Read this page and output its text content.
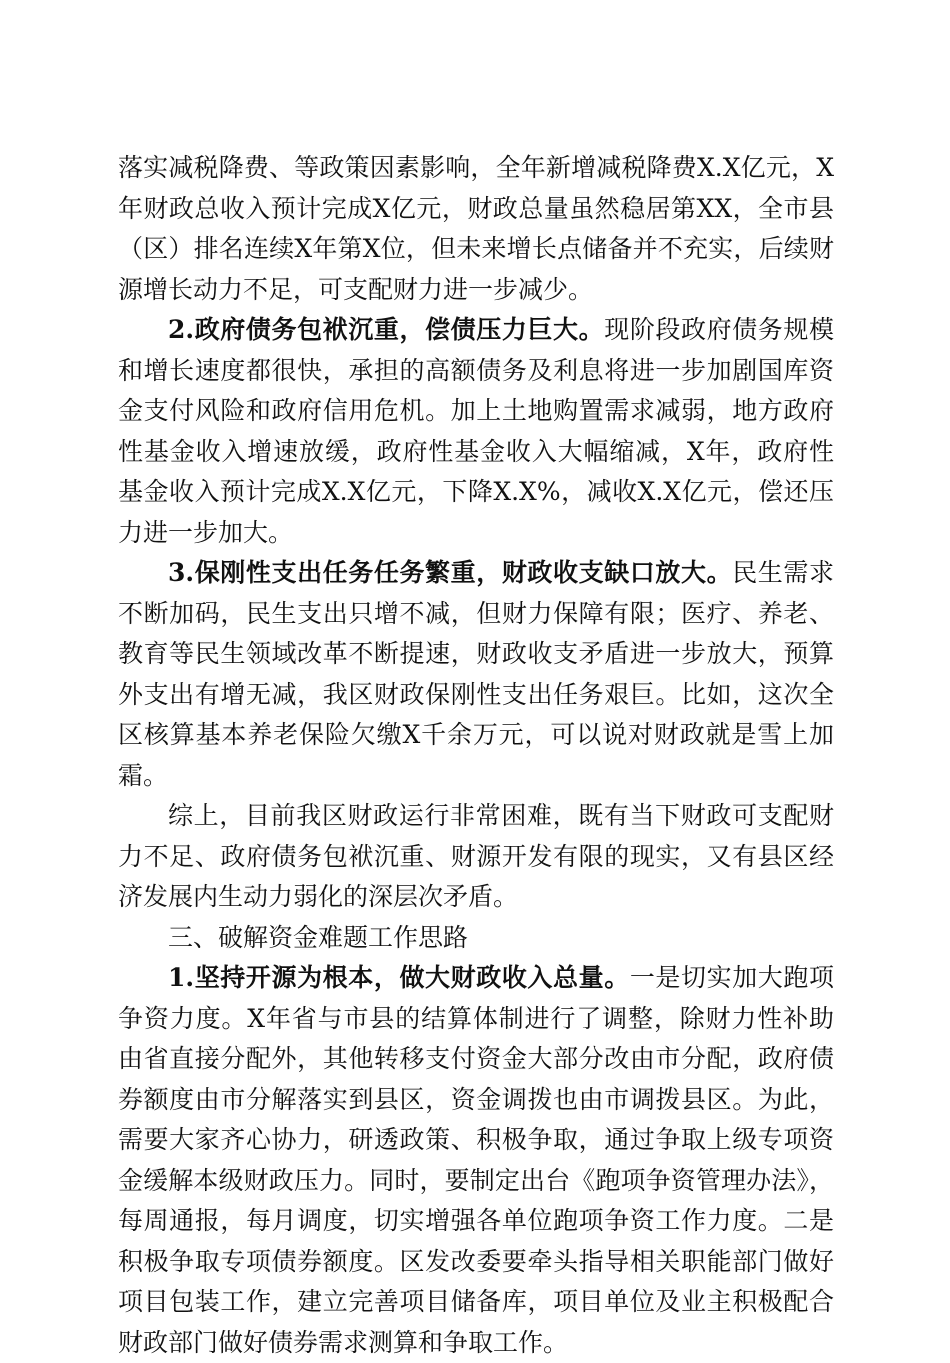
落实减税降费、等政策因素影响，全年新增减税降费X.X亿元，X年财政总收入预计完成X亿元，财政总量虽然稳居第XX，全市县（区）排名连续X年第X位，但未来增长点储备并不充实，后续财源增长动力不足，可支配财力进一步减少。

2.政府债务包袱沉重，偿债压力巨大。现阶段政府债务规模和增长速度都很快，承担的高额债务及利息将进一步加剧国库资金支付风险和政府信用危机。加上土地购置需求减弱，地方政府性基金收入增速放缓，政府性基金收入大幅缩减，X年，政府性基金收入预计完成X.X亿元，下降X.X%，减收X.X亿元，偿还压力进一步加大。

3.保刚性支出任务任务繁重，财政收支缺口放大。民生需求不断加码，民生支出只增不减，但财力保障有限；医疗、养老、教育等民生领域改革不断提速，财政收支矛盾进一步放大，预算外支出有增无减，我区财政保刚性支出任务艰巨。比如，这次全区核算基本养老保险欠缴X千余万元，可以说对财政就是雪上加霜。

综上，目前我区财政运行非常困难，既有当下财政可支配财力不足、政府债务包袱沉重、财源开发有限的现实，又有县区经济发展内生动力弱化的深层次矛盾。

三、破解资金难题工作思路

1.坚持开源为根本，做大财政收入总量。一是切实加大跑项争资力度。X年省与市县的结算体制进行了调整，除财力性补助由省直接分配外，其他转移支付资金大部分改由市分配，政府债券额度由市分解落实到县区，资金调拨也由市调拨县区。为此，需要大家齐心协力，研透政策、积极争取，通过争取上级专项资金缓解本级财政压力。同时，要制定出台《跑项争资管理办法》，每周通报，每月调度，切实增强各单位跑项争资工作力度。二是积极争取专项债券额度。区发改委要牵头指导相关职能部门做好项目包装工作，建立完善项目储备库，项目单位及业主积极配合财政部门做好债券需求测算和争取工作。
